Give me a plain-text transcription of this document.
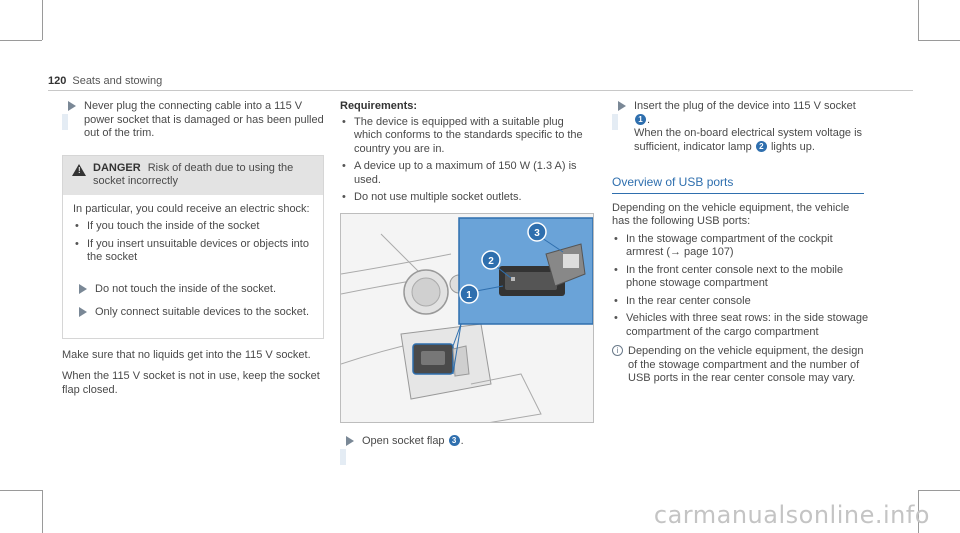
120 Seats and stowing
Never plug the connecting cable into a 115 V power socket that is damaged or has been pulled out of the trim.
! DANGER Risk of death due to using the socket incorrectly

In particular, you could receive an electric shock:

• If you touch the inside of the socket
• If you insert unsuitable devices or objects into the socket
Do not touch the inside of the socket.
Only connect suitable devices to the socket.

Make sure that no liquids get into the 115 V socket.

When the 115 V socket is not in use, keep the socket flap closed.

Requirements:
• The device is equipped with a suitable plug which conforms to the standards specific to the country you are in.
• A device up to a maximum of 150 W (1.3 A) is used.
• Do not use multiple socket outlets.
1
2
3
Open socket flap 3 .
Insert the plug of the device into 115 V socket
1 .
When the on-board electrical system voltage is sufficient, indicator lamp 2 lights up.
Overview of USB ports

Depending on the vehicle equipment, the vehicle has the following USB ports:

• In the stowage compartment of the cockpit armrest (→ page 107)
• In the front center console next to the mobile phone stowage compartment
• In the rear center console
• Vehicles with three seat rows: in the side stowage compartment of the cargo compartment
i Depending on the vehicle equipment, the design of the stowage compartment and the number of USB ports in the rear center console may vary.
carmanualsonline.info
